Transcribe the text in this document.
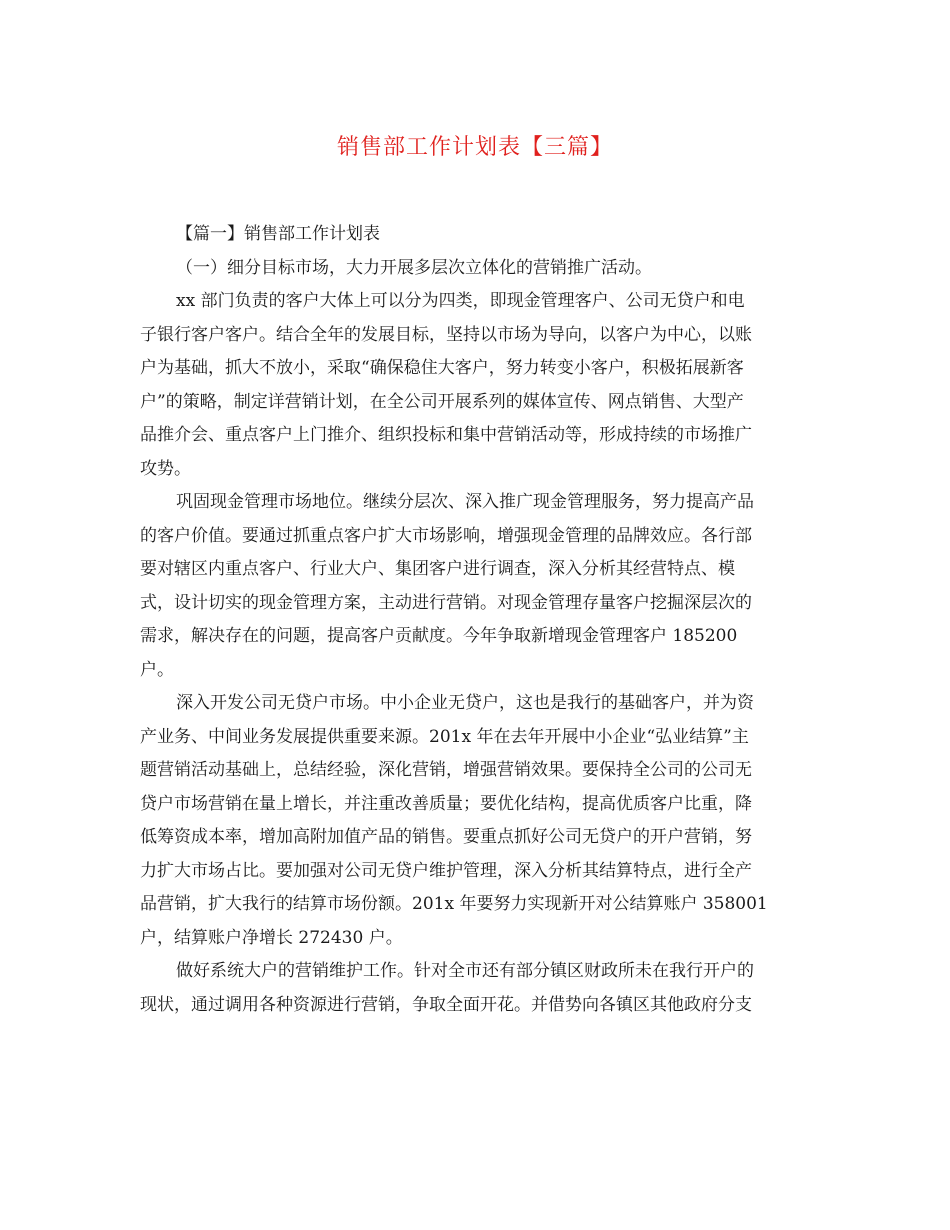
销售部工作计划表【三篇】
【篇一】销售部工作计划表
（一）细分目标市场，大力开展多层次立体化的营销推广活动。
xx 部门负责的客户大体上可以分为四类，即现金管理客户、公司无贷户和电
子银行客户客户。结合全年的发展目标，坚持以市场为导向，以客户为中心，以账
户为基础，抓大不放小，采取“确保稳住大客户，努力转变小客户，积极拓展新客
户”的策略，制定详营销计划，在全公司开展系列的媒体宣传、网点销售、大型产
品推介会、重点客户上门推介、组织投标和集中营销活动等，形成持续的市场推广
攻势。
巩固现金管理市场地位。继续分层次、深入推广现金管理服务，努力提高产品
的客户价值。要通过抓重点客户扩大市场影响，增强现金管理的品牌效应。各行部
要对辖区内重点客户、行业大户、集团客户进行调查，深入分析其经营特点、模
式，设计切实的现金管理方案，主动进行营销。对现金管理存量客户挖掘深层次的
需求，解决存在的问题，提高客户贡献度。今年争取新增现金管理客户 185200
户。
深入开发公司无贷户市场。中小企业无贷户，这也是我行的基础客户，并为资
产业务、中间业务发展提供重要来源。201x 年在去年开展中小企业“弘业结算”主
题营销活动基础上，总结经验，深化营销，增强营销效果。要保持全公司的公司无
贷户市场营销在量上增长，并注重改善质量；要优化结构，提高优质客户比重，降
低筹资成本率，增加高附加值产品的销售。要重点抓好公司无贷户的开户营销，努
力扩大市场占比。要加强对公司无贷户维护管理，深入分析其结算特点，进行全产
品营销，扩大我行的结算市场份额。201x 年要努力实现新开对公结算账户 358001
户，结算账户净增长 272430 户。
做好系统大户的营销维护工作。针对全市还有部分镇区财政所未在我行开户的
现状，通过调用各种资源进行营销，争取全面开花。并借势向各镇区其他政府分支
